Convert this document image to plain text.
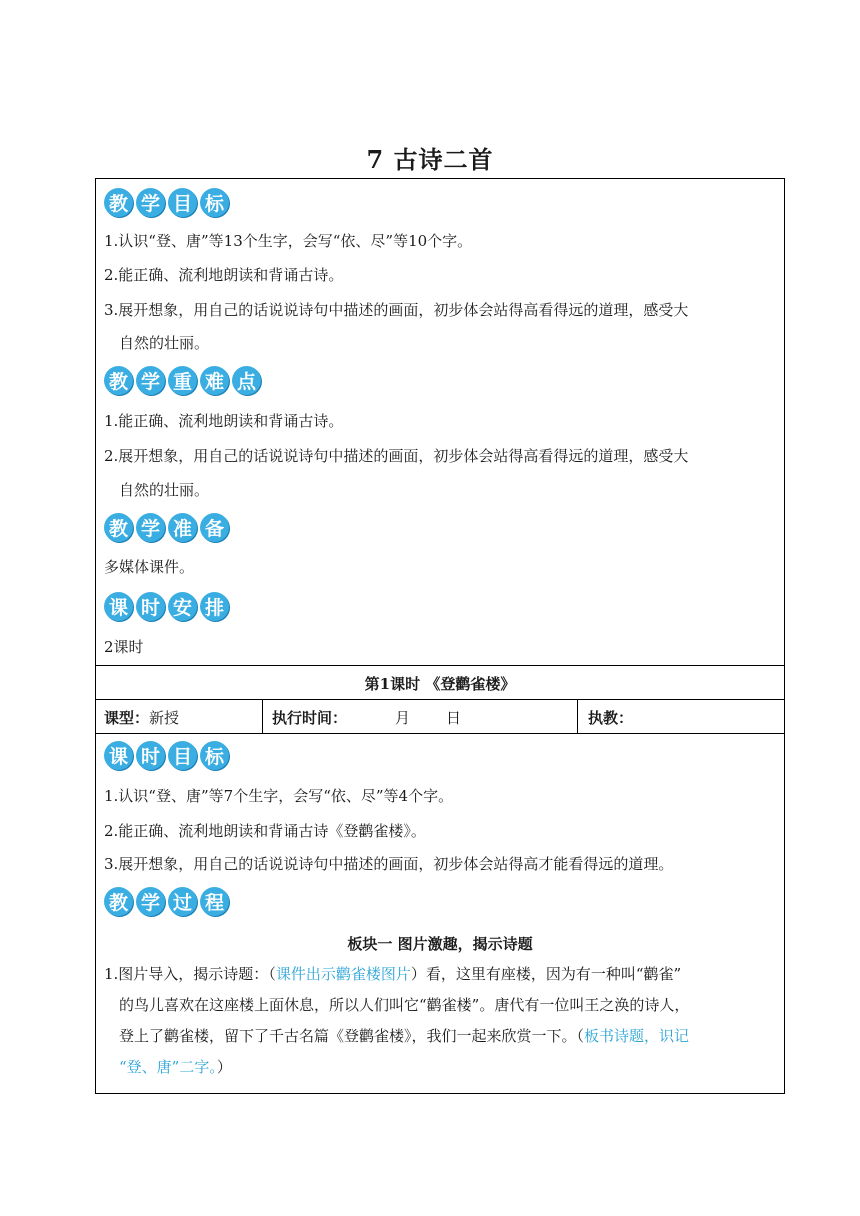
7 古诗二首
教 学 目 标
1.认识“登、唐”等13个生字，会写“依、尽”等10个字。
2.能正确、流利地朗读和背诵古诗。
3.展开想象，用自己的话说说诗句中描述的画面，初步体会站得高看得远的道理，感受大
自然的壮丽。
教 学 重 难 点
1.能正确、流利地朗读和背诵古诗。
2.展开想象，用自己的话说说诗句中描述的画面，初步体会站得高看得远的道理，感受大
自然的壮丽。
教 学 准 备
多媒体课件。
课 时 安 排
2课时
第1课时 《登鹳雀楼》
课型：新授	执行时间：	月 日	执教：
课 时 目 标
1.认识“登、唐”等7个生字，会写“依、尽”等4个字。
2.能正确、流利地朗读和背诵古诗《登鹳雀楼》。
3.展开想象，用自己的话说说诗句中描述的画面，初步体会站得高才能看得远的道理。
教 学 过 程
板块一 图片激趣，揭示诗题
1.图片导入，揭示诗题：（课件出示鹳雀楼图片）看，这里有座楼，因为有一种叫“鹳雀”
的鸟儿喜欢在这座楼上面休息，所以人们叫它“鹳雀楼”。唐代有一位叫王之涣的诗人，
登上了鹳雀楼，留下了千古名篇《登鹳雀楼》，我们一起来欣赏一下。（板书诗题，识记
“登、唐”二字。）
